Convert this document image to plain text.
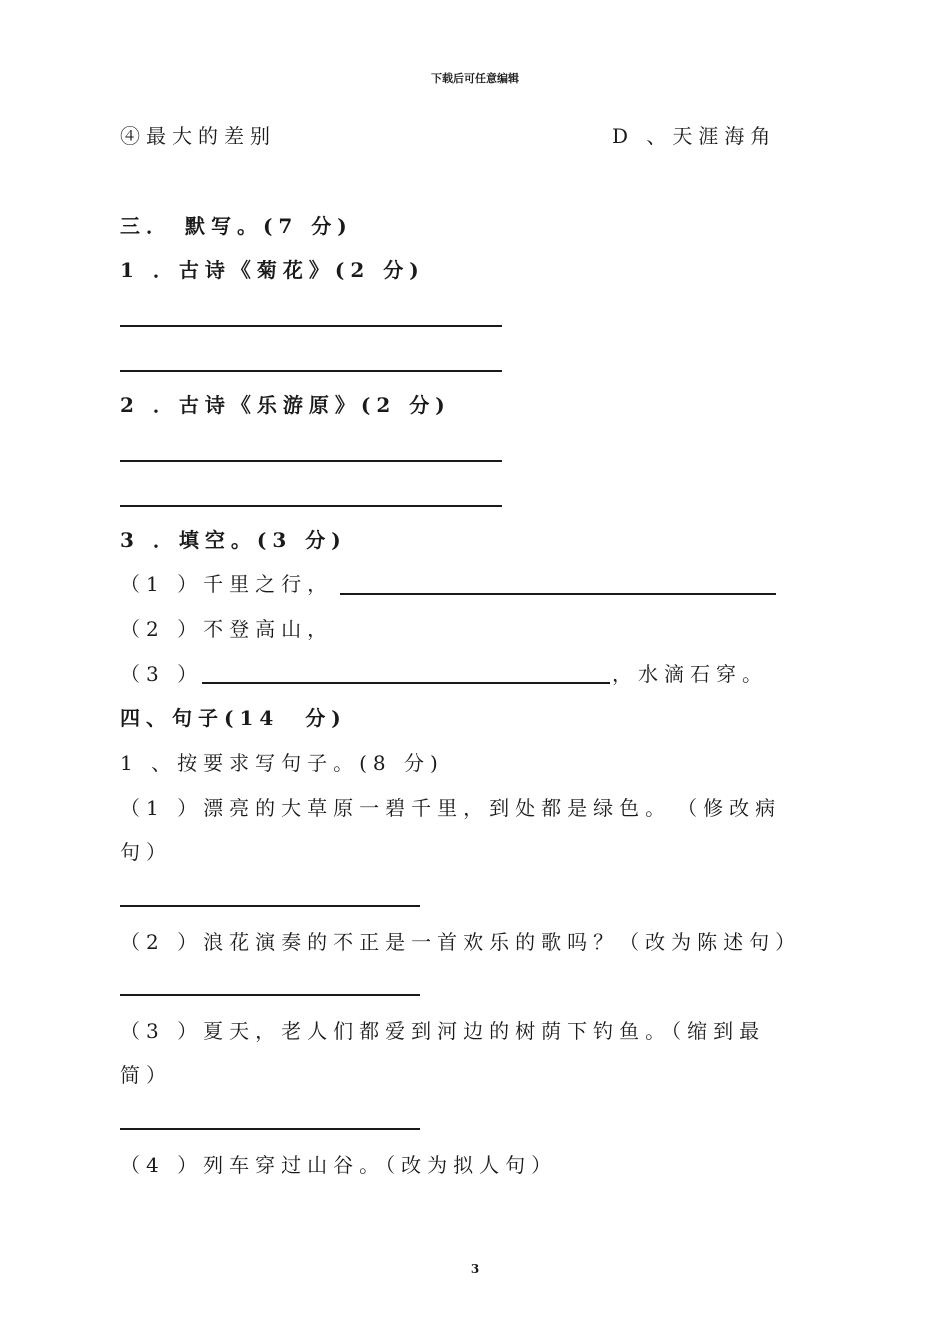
下载后可任意编辑
④最大的差别	D 、天涯海角
三． 默写。(7 分)
1 ．古诗《菊花》(2 分)
2 ．古诗《乐游原》(2 分)
3 ．填空。(3 分)
（1 ）千里之行，
（2 ）不登高山，
（3 ）	，水滴石穿。
四、句子(14　分)
1 、按要求写句子。(8 分)
（1 ）漂亮的大草原一碧千里，到处都是绿色。　（修改病
句）
（2 ）浪花演奏的不正是一首欢乐的歌吗？（改为陈述句）
（3 ）夏天，老人们都爱到河边的树荫下钓鱼。（缩到最
简）
（4 ）列车穿过山谷。（改为拟人句）
3
